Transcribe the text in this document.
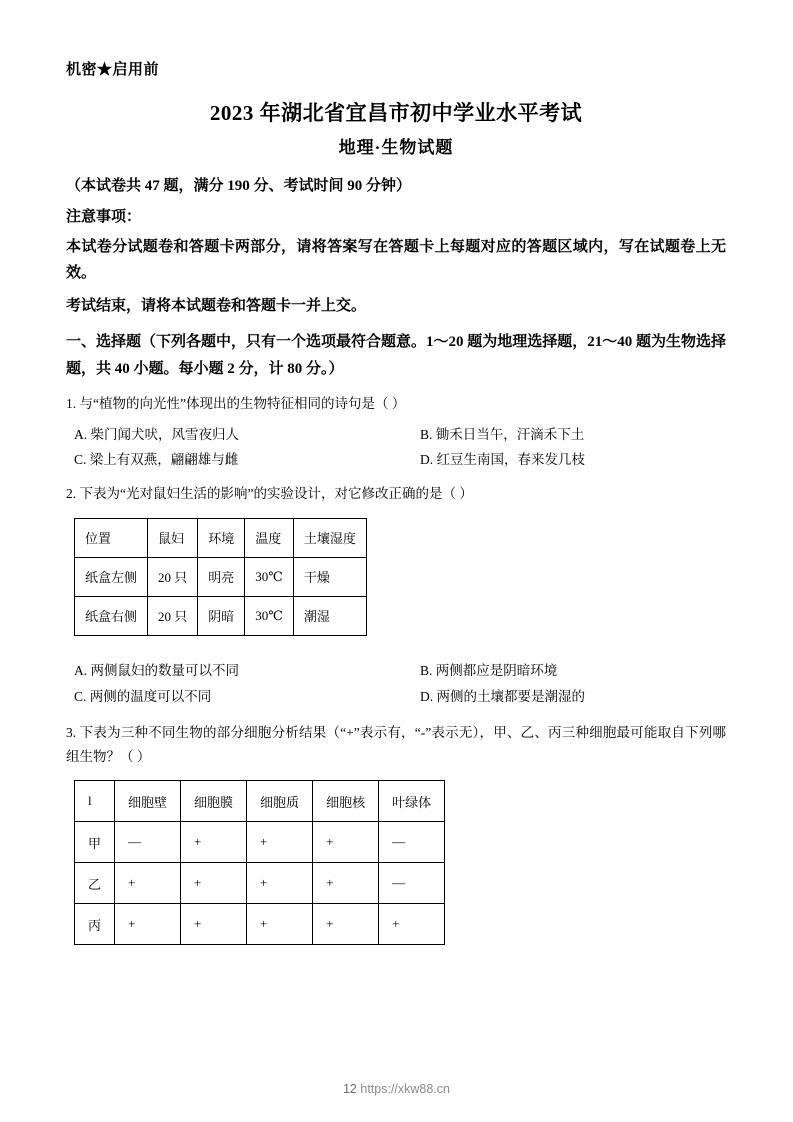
机密★启用前
2023 年湖北省宜昌市初中学业水平考试
地理·生物试题
（本试卷共 47 题，满分 190 分、考试时间 90 分钟）
注意事项：
本试卷分试题卷和答题卡两部分，请将答案写在答题卡上每题对应的答题区域内，写在试题卷上无效。
考试结束，请将本试题卷和答题卡一并上交。
一、选择题（下列各题中，只有一个选项最符合题意。1～20 题为地理选择题，21～40 题为生物选择题，共 40 小题。每小题 2 分，计 80 分。）
1. 与“植物的向光性”体现出的生物特征相同的诗句是（ ）
A. 柴门闻犬吠，风雪夜归人	B. 锄禾日当午，汗滴禾下土
C. 梁上有双燕，翩翩雄与雌	D. 红豆生南国，春来发几枝
2. 下表为“光对鼠妇生活的影响”的实验设计，对它修改正确的是（ ）
位置	鼠妇	环境	温度	土壤湿度
纸盒左侧	20 只	明亮	30℃	干燥
纸盒右侧	20 只	阴暗	30℃	潮湿
A. 两侧鼠妇的数量可以不同	B. 两侧都应是阴暗环境
C. 两侧的温度可以不同	D. 两侧的土壤都要是潮湿的
3. 下表为三种不同生物的部分细胞分析结果（“+”表示有，“-”表示无），甲、乙、丙三种细胞最可能取自下列哪组生物？（ ）
l	细胞壁	细胞膜	细胞质	细胞核	叶绿体
甲	—	+	+	+	—
乙	+	+	+	+	—
丙	+	+	+	+	+
12 https://xkw88.cn
